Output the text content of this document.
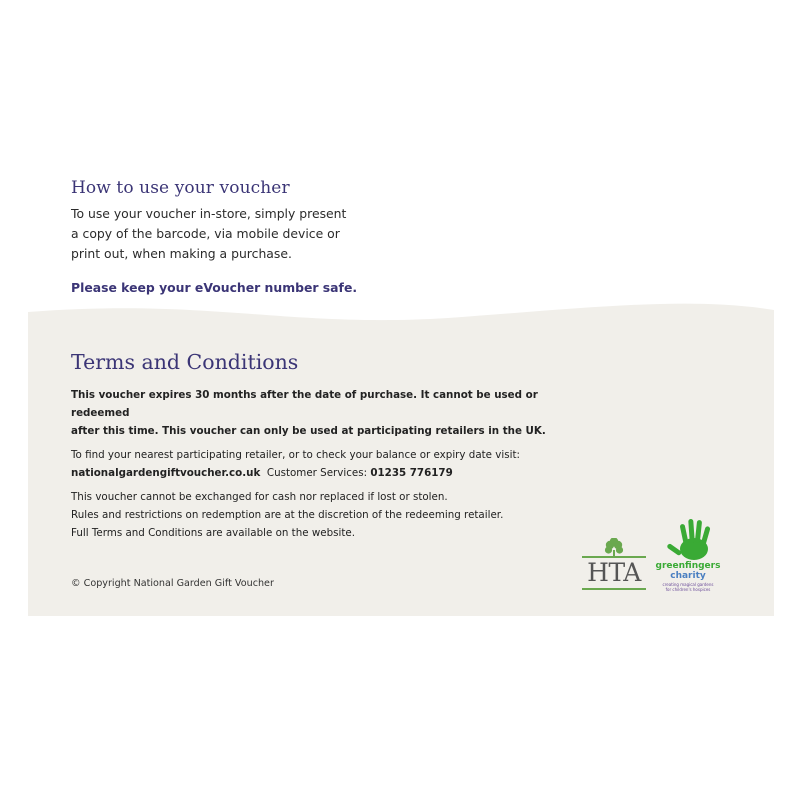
How to use your voucher

To use your voucher in-store, simply present

a copy of the barcode, via mobile device or

print out, when making a purchase.

Please keep your eVoucher number safe.
Terms and Conditions

This voucher expires 30 months after the date of purchase. It cannot be used or redeemed
after this time. This voucher can only be used at participating retailers in the UK.

To find your nearest participating retailer, or to check your balance or expiry date visit:
nationalgardengiftvoucher.co.uk Customer Services: 01235 776179

This voucher cannot be exchanged for cash nor replaced if lost or stolen.
Rules and restrictions on redemption are at the discretion of the redeeming retailer.
Full Terms and Conditions are available on the website.

© Copyright National Garden Gift Voucher	HTA	greenfingers
charity
creating magical gardens
for children's hospices
